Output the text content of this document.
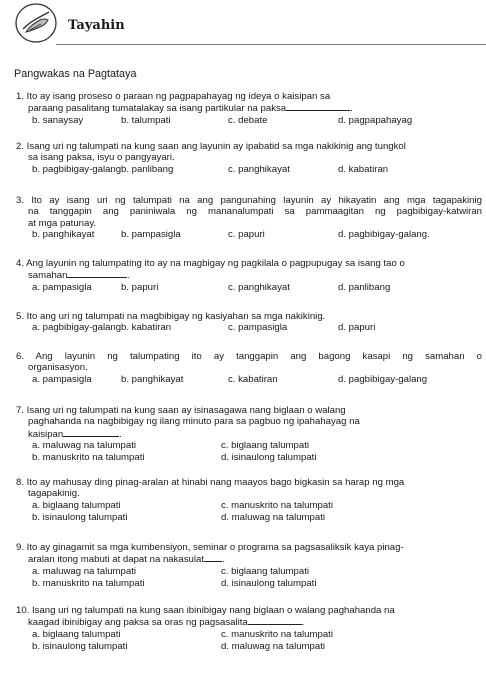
Tayahin
Pangwakas na Pagtataya
1. Ito ay isang proseso o paraan ng pagpapahayag ng ideya o kaisipan sa
paraang pasalitang tumatalakay sa isang partikular na paksa	.
b. sanaysay	b. talumpati	c. debate	d. pagpapahayag
2. Isang uri ng talumpati na kung saan ang layunin ay ipabatid sa mga nakikinig ang tungkol
sa isang paksa, isyu o pangyayari.
b. pagbibigay-galang b. panlibang	c. panghikayat	d. kabatiran
3. Ito ay isang uri ng talumpati na ang pangunahing layunin ay hikayatin ang mga tagapakinig
na tanggapin ang paniniwala ng mananalumpati sa pammaagitan ng pagbibigay-katwiran
at mga patunay.
b. panghikayat	b. pampasigla	c. papuri	d. pagbibigay-galang.
4. Ang layunin ng talumpating ito ay na magbigay ng pagkilala o pagpupugay sa isang tao o
samahan	.
a. pampasigla	b. papuri	c. panghikayat	d. panlibang
5. Ito ang uri ng talumpati na magbibigay ng kasiyahan sa mga nakikinig.
a. pagbibigay-galang b. kabatiran	c. pampasigla	d. papuri
6. Ang layunin ng talumpating ito ay tanggapin ang bagong kasapi ng samahan o
organisasyon.
a. pampasigla	b. panghikayat	c. kabatiran	d. pagbibigay-galang
7. Isang uri ng talumpati na kung saan ay isinasagawa nang biglaan o walang
paghahanda na nagbibigay ng ilang minuto para sa pagbuo ng ipahahayag na
kaisipan	.
a. maluwag na talumpati	c. biglaang talumpati
b. manuskrito na talumpati	d. isinaulong talumpati
8. Ito ay mahusay ding pinag-aralan at hinabi nang maayos bago bigkasin sa harap ng mga
tagapakinig.
a. biglaang talumpati	c. manuskrito na talumpati
b. isinaulong talumpati	d. maluwag na talumpati
9. Ito ay ginagamit sa mga kumbensiyon, seminar o programa sa pagsasaliksik kaya pinag-
aralan itong mabuti at dapat na nakasulat .
a. maluwag na talumpati	c. biglaang talumpati
b. manuskrito na talumpati	d. isinaulong talumpati
10. Isang uri ng talumpati na kung saan ibinibigay nang biglaan o walang paghahanda na
kaagad ibinibigay ang paksa sa oras ng pagsasalita	.
a. biglaang talumpati	c. manuskrito na talumpati
b. isinaulong talumpati	d. maluwag na talumpati
